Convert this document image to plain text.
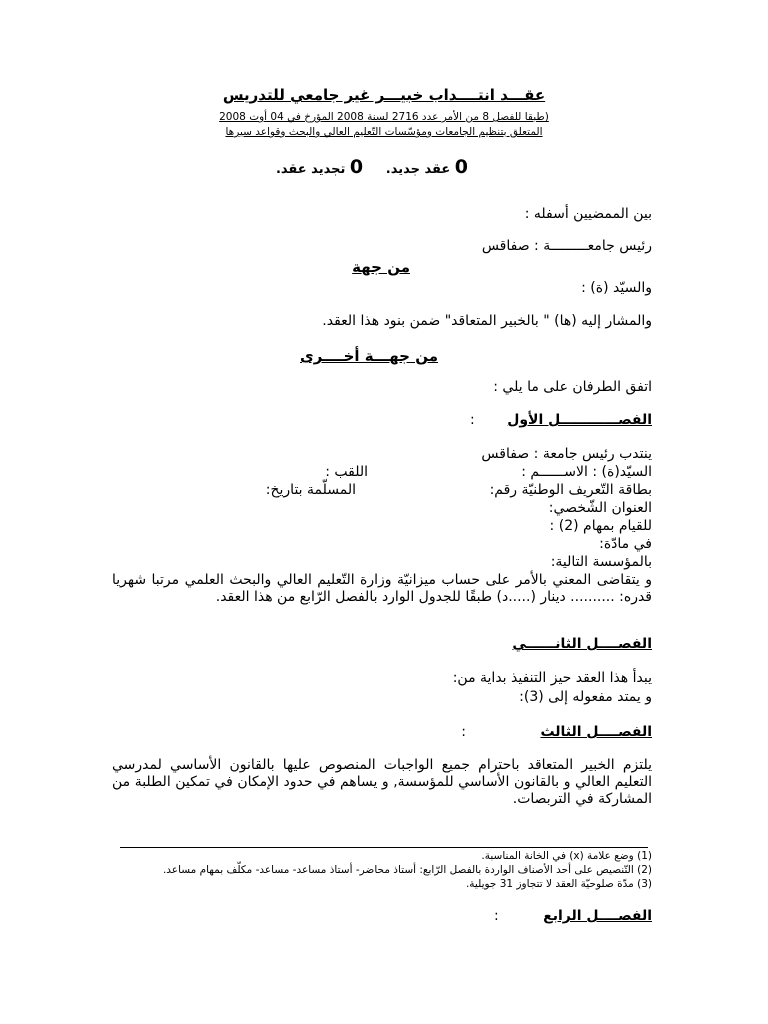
عقـــد انتــــداب خبيـــر غير جامعي للتدريس
(طبقا للفصل 8 من الأمر عدد 2716 لسنة 2008 المؤرخ في 04 أوت 2008
المتعلق بتنظيم الجامعات ومؤسّسات التّعليم العالي والبحث وقواعد سيرها
0 عقد جديد.     0 تجديد عقد.
بين الممضيين أسفله :
رئيس جامعـــــــــة : صفاقس
من جهة
والسيّد (ة) :
والمشار إليه (ها) " بالخبير المتعاقد" ضمن بنود هذا العقد.
من جهـــة أخــــرى
اتفق الطرفان على ما يلي :
الفصــــــــــــل الأول :
ينتدب رئيس جامعة : صفاقس
السيّد(ة) : الاســــــم :
اللقب :
بطاقة التّعريف الوطنيّة رقم:
المسلّمة بتاريخ:
العنوان الشّخصي:
للقيام بمهام (2) :
في مادّة:
بالمؤسسة التالية:
و يتقاضى المعني بالأمر على حساب ميزانيّة وزارة التّعليم العالي والبحث العلمي مرتبا شهريا قدره: .......... دينار (.....د) طبقًا للجدول الوارد بالفصل الرّابع من هذا العقد.
الفصــــل الثانــــــي
يبدأ هذا العقد حيز التنفيذ بداية من:
و يمتد مفعوله إلى (3):
الفصــــل الثالث :
يلتزم الخبير المتعاقد باحترام جميع الواجبات المنصوص عليها بالقانون الأساسي لمدرسي التعليم العالي و بالقانون الأساسي للمؤسسة, و يساهم في حدود الإمكان في تمكين الطلبة من المشاركة في التربصات.
(1) وضع علامة (x) في الخانة المناسبة.
(2) التّنصيص على أحد الأصناف الواردة بالفصل الرّابع: أستاذ محاضر- أستاذ مساعد- مساعد- مكلّف بمهام مساعد.
(3) مدّة صلوحيّة العقد لا تتجاوز 31 جويلية.
الفصــــل الرابع :
